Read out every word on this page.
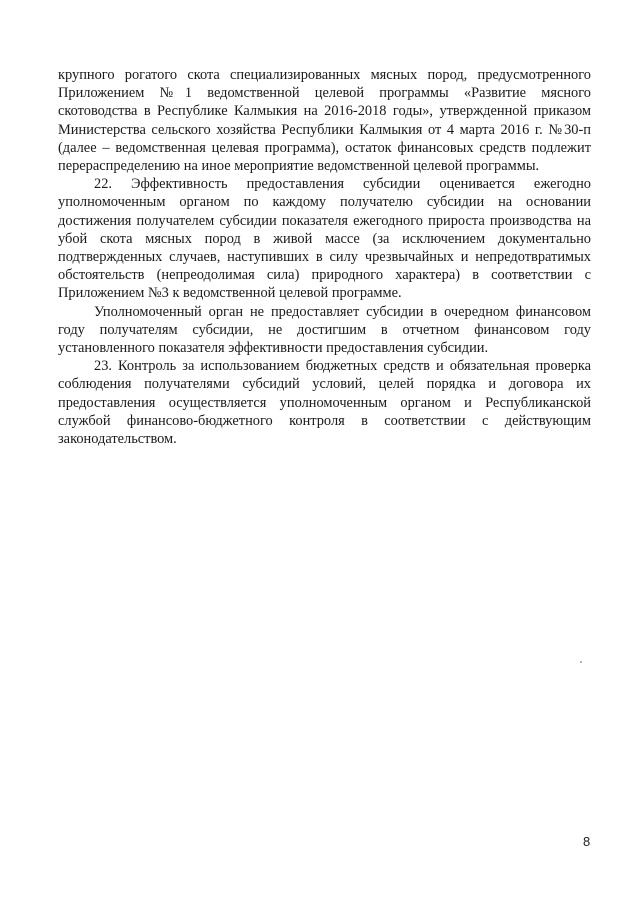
крупного рогатого скота специализированных мясных пород, предусмотренного Приложением №1 ведомственной целевой программы «Развитие мясного скотоводства в Республике Калмыкия на 2016-2018 годы», утвержденной приказом Министерства сельского хозяйства Республики Калмыкия от 4 марта 2016 г. №30-п (далее – ведомственная целевая программа), остаток финансовых средств подлежит перераспределению на иное мероприятие ведомственной целевой программы.

22. Эффективность предоставления субсидии оценивается ежегодно уполномоченным органом по каждому получателю субсидии на основании достижения получателем субсидии показателя ежегодного прироста производства на убой скота мясных пород в живой массе (за исключением документально подтвержденных случаев, наступивших в силу чрезвычайных и непредотвратимых обстоятельств (непреодолимая сила) природного характера) в соответствии с Приложением №3 к ведомственной целевой программе.

Уполномоченный орган не предоставляет субсидии в очередном финансовом году получателям субсидии, не достигшим в отчетном финансовом году установленного показателя эффективности предоставления субсидии.

23. Контроль за использованием бюджетных средств и обязательная проверка соблюдения получателями субсидий условий, целей порядка и договора их предоставления осуществляется уполномоченным органом и Республиканской службой финансово-бюджетного контроля в соответствии с действующим законодательством.

8
